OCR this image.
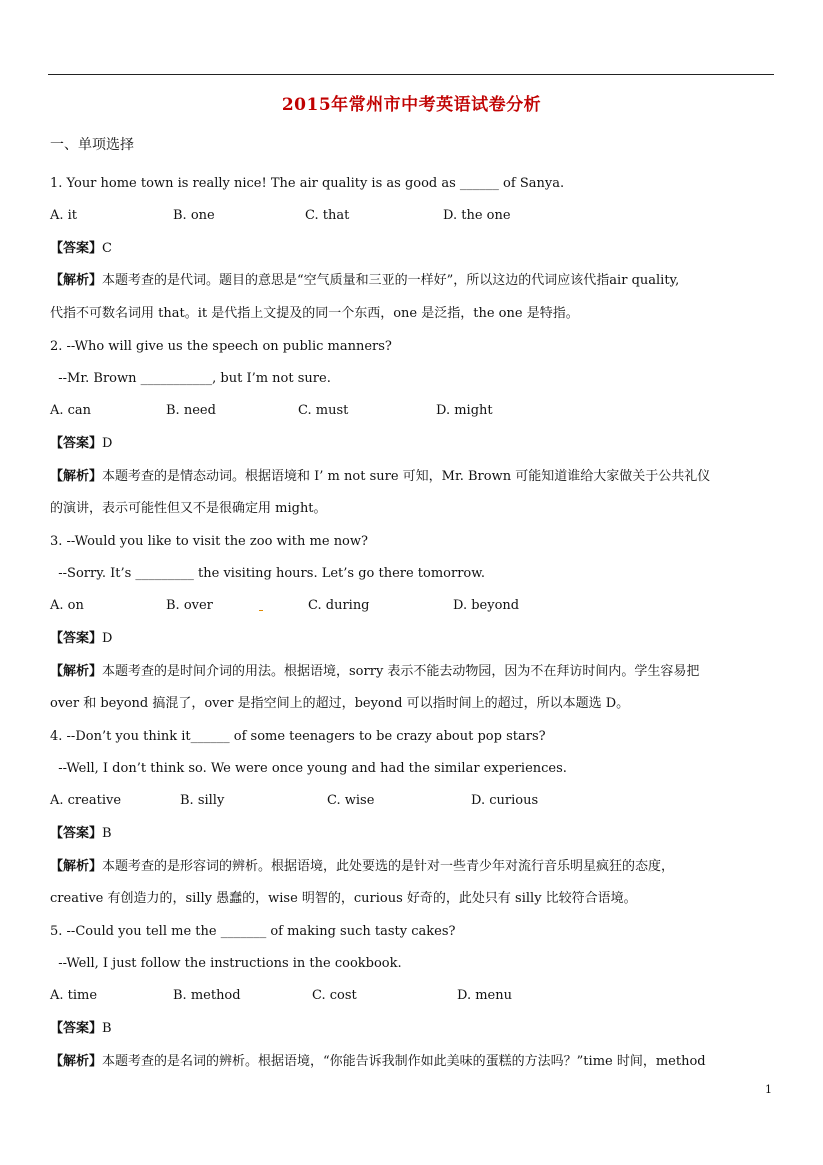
2015年常州市中考英语试卷分析
一、单项选择
1. Your home town is really nice! The air quality is as good as ______ of Sanya.
A. it	B. one	C. that	D. the one
【答案】C
【解析】本题考查的是代词。题目的意思是“空气质量和三亚的一样好”，所以这边的代词应该代指air quality,
代指不可数名词用 that。it 是代指上文提及的同一个东西，one 是泛指，the one 是特指。
2. --Who will give us the speech on public manners?
--Mr. Brown ___________, but I’m not sure.
A. can	B. need	C. must	D. might
【答案】D
【解析】本题考查的是情态动词。根据语境和 I’ m not sure 可知，Mr. Brown 可能知道谁给大家做关于公共礼仪
的演讲，表示可能性但又不是很确定用 might。
3. --Would you like to visit the zoo with me now?
--Sorry. It’s _________ the visiting hours. Let’s go there tomorrow.
A. on	B. over	C. during	D. beyond
【答案】D
【解析】本题考查的是时间介词的用法。根据语境，sorry 表示不能去动物园，因为不在拜访时间内。学生容易把
over 和 beyond 搞混了，over 是指空间上的超过，beyond 可以指时间上的超过，所以本题选 D。
4. --Don’t you think it______ of some teenagers to be crazy about pop stars?
--Well, I don’t think so. We were once young and had the similar experiences.
A. creative	B. silly	C. wise	D. curious
【答案】B
【解析】本题考查的是形容词的辨析。根据语境，此处要选的是针对一些青少年对流行音乐明星疯狂的态度，
creative 有创造力的，silly 愚蠢的，wise 明智的，curious 好奇的，此处只有 silly 比较符合语境。
5. --Could you tell me the _______ of making such tasty cakes?
--Well, I just follow the instructions in the cookbook.
A. time	B. method	C. cost	D. menu
【答案】B
【解析】本题考查的是名词的辨析。根据语境，“你能告诉我制作如此美味的蛋糕的方法吗？”time 时间，method
1
